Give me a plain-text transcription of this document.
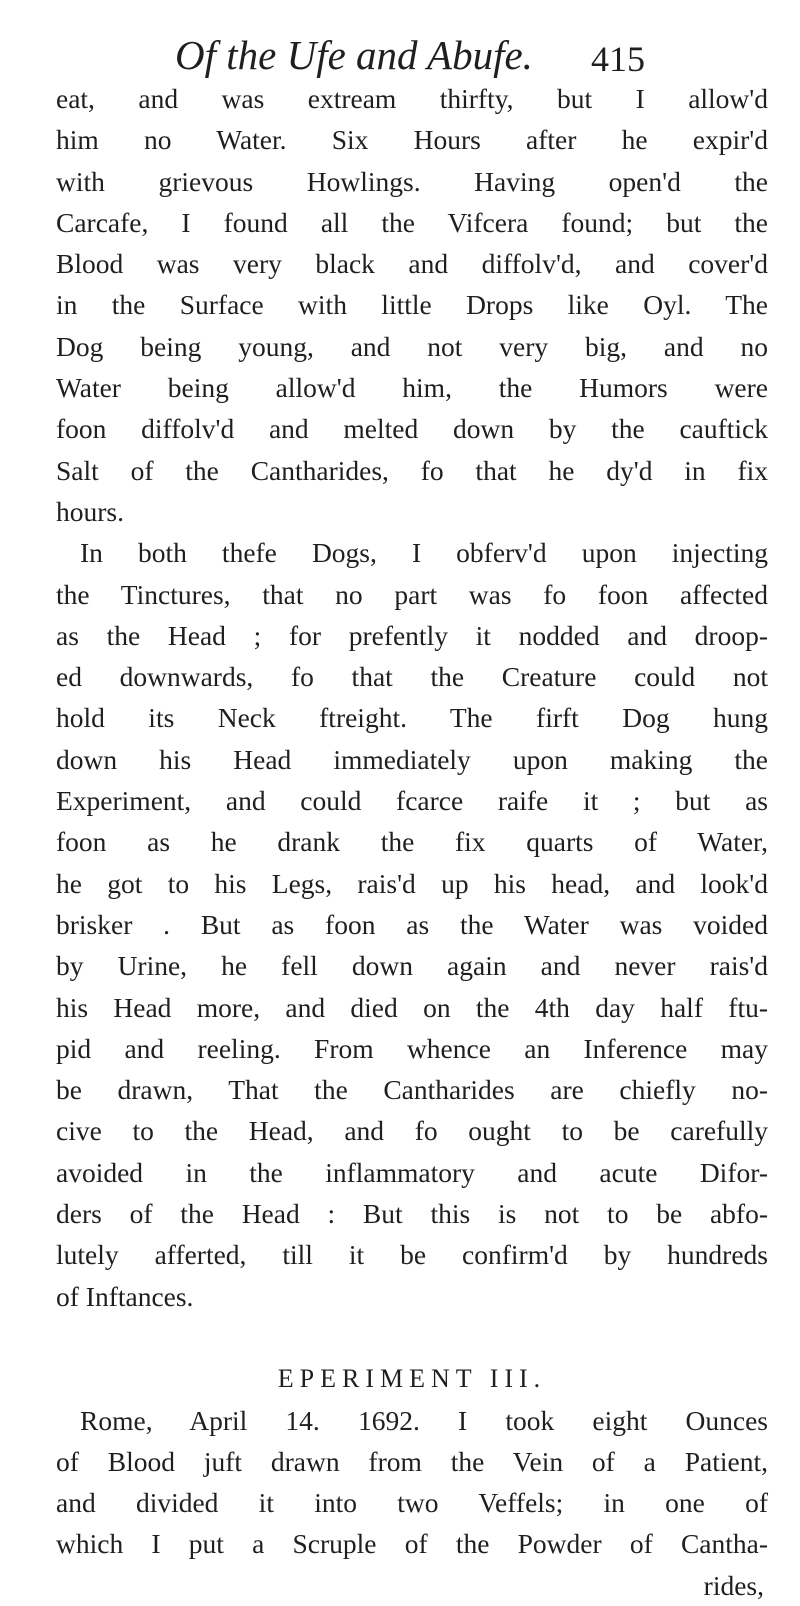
Of the Ufe and Abufe. 415
eat, and was extream thirfty, but I allow'd
him no Water. Six Hours after he expir'd
with grievous Howlings. Having open'd the
Carcafe, I found all the Vifcera found; but the
Blood was very black and diffolv'd, and cover'd
in the Surface with little Drops like Oyl. The
Dog being young, and not very big, and no
Water being allow'd him, the Humors were
foon diffolv'd and melted down by the cauftick
Salt of the Cantharides, fo that he dy'd in fix
hours.
In both thefe Dogs, I obferv'd upon injecting
the Tinctures, that no part was fo foon affected
as the Head ; for prefently it nodded and droop-
ed downwards, fo that the Creature could not
hold its Neck ftreight. The firft Dog hung
down his Head immediately upon making the
Experiment, and could fcarce raife it ; but as
foon as he drank the fix quarts of Water,
he got to his Legs, rais'd up his head, and look'd
brisker . But as foon as the Water was voided
by Urine, he fell down again and never rais'd
his Head more, and died on the 4th day half ftu-
pid and reeling. From whence an Inference may
be drawn, That the Cantharides are chiefly no-
cive to the Head, and fo ought to be carefully
avoided in the inflammatory and acute Difor-
ders of the Head : But this is not to be abfo-
lutely afferted, till it be confirm'd by hundreds
of Inftances.
EPERIMENT III.
Rome, April 14. 1692. I took eight Ounces
of Blood juft drawn from the Vein of a Patient,
and divided it into two Veffels; in one of
which I put a Scruple of the Powder of Cantha-
rides,
